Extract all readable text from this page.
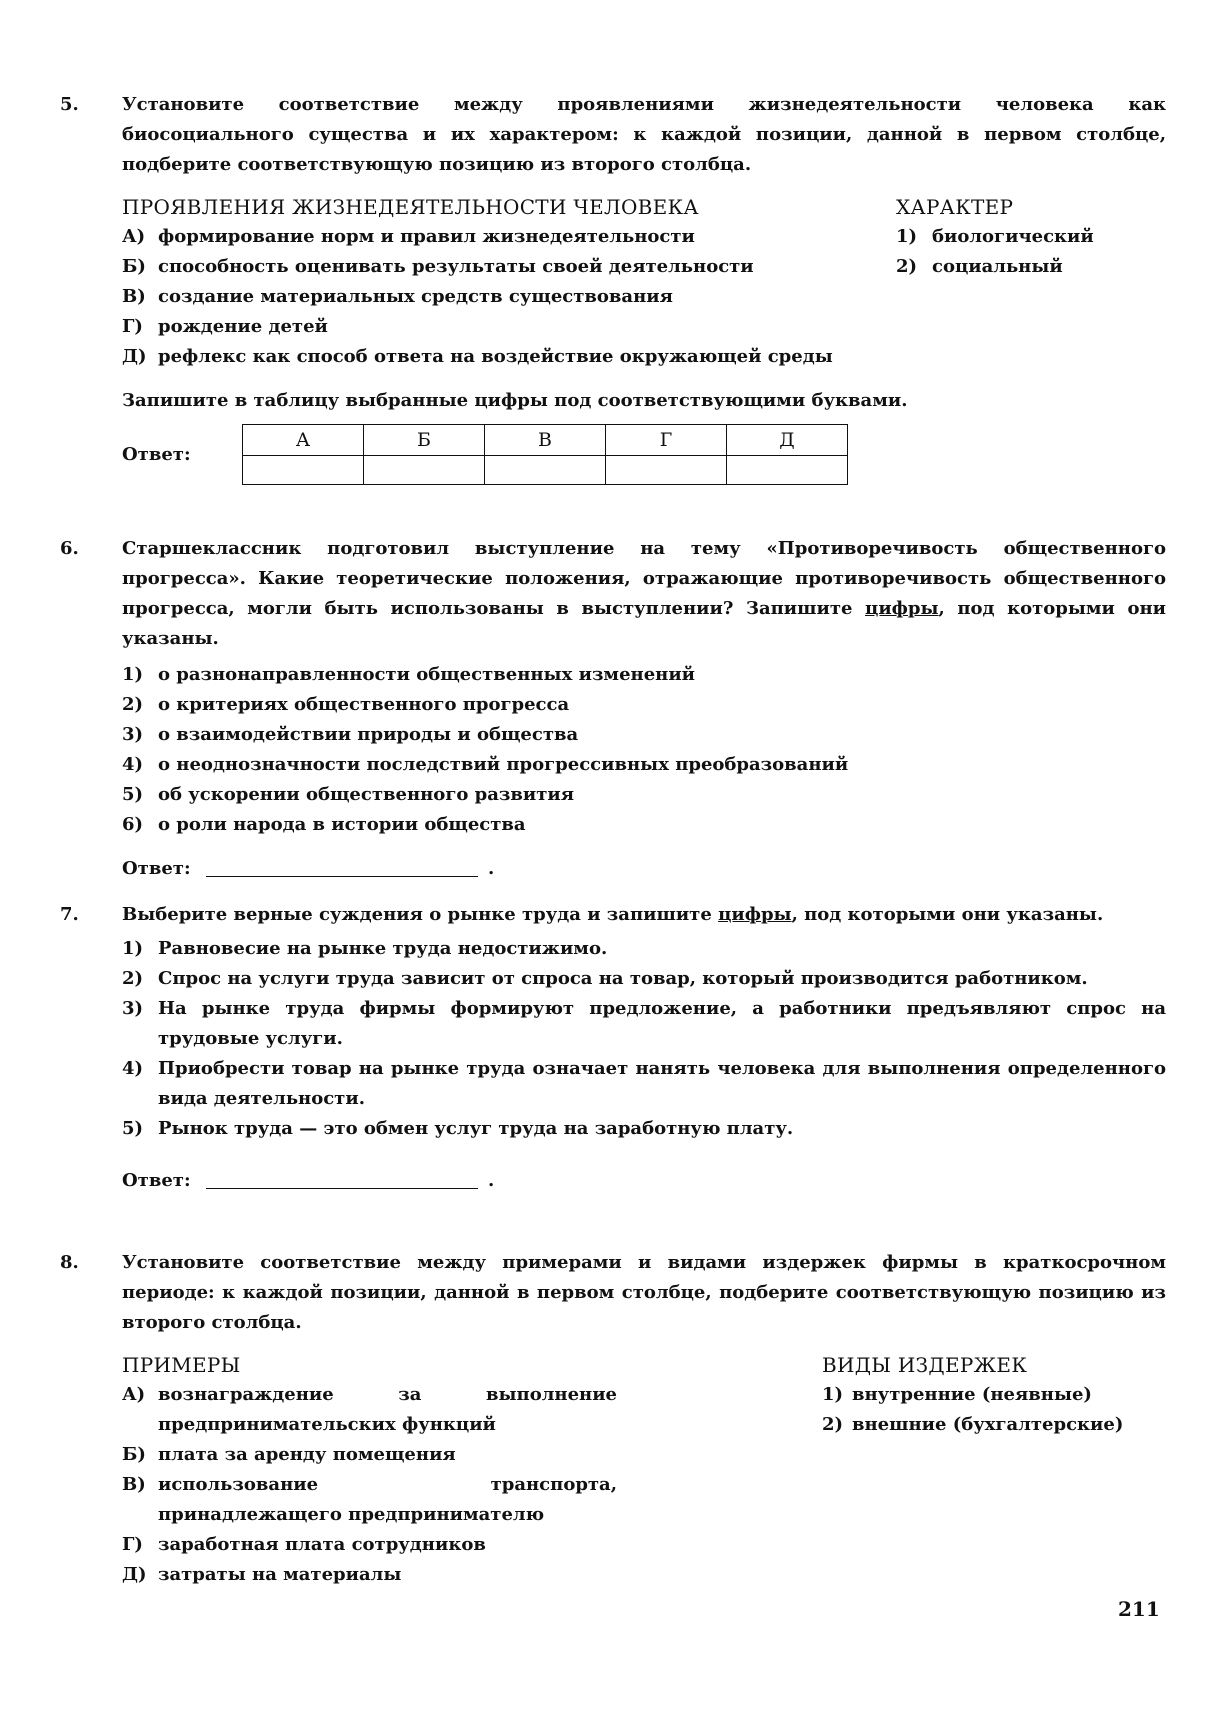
5. Установите соответствие между проявлениями жизнедеятельности человека как биосоциального существа и их характером: к каждой позиции, данной в первом столбце, подберите соответствующую позицию из второго столбца.
ПРОЯВЛЕНИЯ ЖИЗНЕДЕЯТЕЛЬНОСТИ ЧЕЛОВЕКА
А) формирование норм и правил жизнедеятельности
Б) способность оценивать результаты своей деятельности
В) создание материальных средств существования
Г) рождение детей
Д) рефлекс как способ ответа на воздействие окружающей среды
ХАРАКТЕР
1) биологический
2) социальный
Запишите в таблицу выбранные цифры под соответствующими буквами.
Ответ:
А	Б	В	Г	Д

6. Старшеклассник подготовил выступление на тему «Противоречивость общественного прогресса». Какие теоретические положения, отражающие противоречивость общественного прогресса, могли быть использованы в выступлении? Запишите цифры, под которыми они указаны.
1) о разнонаправленности общественных изменений
2) о критериях общественного прогресса
3) о взаимодействии природы и общества
4) о неоднозначности последствий прогрессивных преобразований
5) об ускорении общественного развития
6) о роли народа в истории общества
Ответ:	.
7. Выберите верные суждения о рынке труда и запишите цифры, под которыми они указаны.
1) Равновесие на рынке труда недостижимо.
2) Спрос на услуги труда зависит от спроса на товар, который производится работником.
3) На рынке труда фирмы формируют предложение, а работники предъявляют спрос на трудовые услуги.
4) Приобрести товар на рынке труда означает нанять человека для выполнения определенного вида деятельности.
5) Рынок труда — это обмен услуг труда на заработную плату.
Ответ:	.
8. Установите соответствие между примерами и видами издержек фирмы в краткосрочном периоде: к каждой позиции, данной в первом столбце, подберите соответствующую позицию из второго столбца.
ПРИМЕРЫ
А) вознаграждение за выполнение предпринимательских функций
Б) плата за аренду помещения
В) использование транспорта, принадлежащего предпринимателю
Г) заработная плата сотрудников
Д) затраты на материалы
ВИДЫ ИЗДЕРЖЕК
1) внутренние (неявные)
2) внешние (бухгалтерские)
211
